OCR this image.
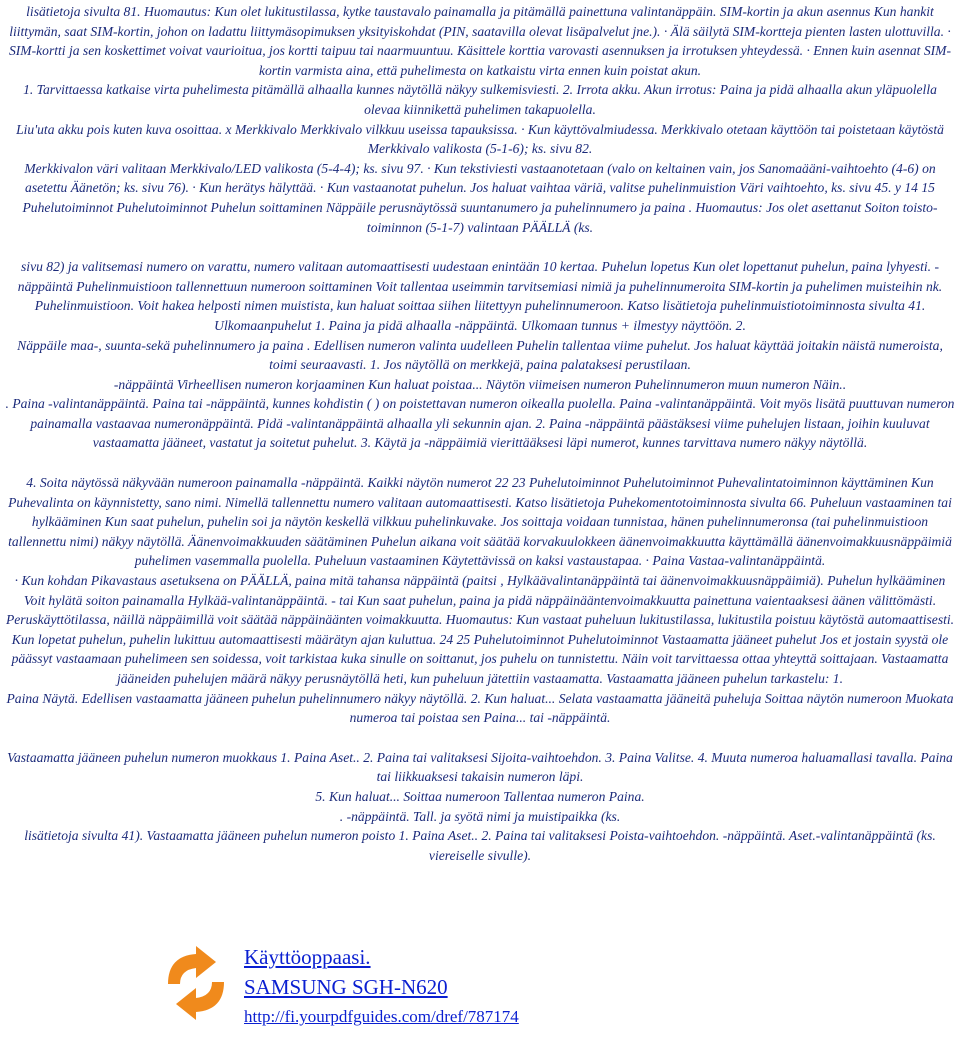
lisätietoja sivulta 81. Huomautus: Kun olet lukitustilassa, kytke taustavalo painamalla ja pitämällä painettuna valintanäppäin. SIM-kortin ja akun asennus Kun hankit liittymän, saat SIM-kortin, johon on ladattu liittymäsopimuksen yksityiskohdat (PIN, saatavilla olevat lisäpalvelut jne.). · Älä säilytä SIM-kortteja pienten lasten ulottuvilla. · SIM-kortti ja sen koskettimet voivat vaurioitua, jos kortti taipuu tai naarmuuntuu. Käsittele korttia varovasti asennuksen ja irrotuksen yhteydessä. · Ennen kuin asennat SIM-kortin varmista aina, että puhelimesta on katkaistu virta ennen kuin poistat akun.

1. Tarvittaessa katkaise virta puhelimesta pitämällä alhaalla kunnes näytöllä näkyy sulkemisviesti. 2. Irrota akku. Akun irrotus: Paina ja pidä alhaalla akun yläpuolella olevaa kiinnikettä puhelimen takapuolella.

Liu'uta akku pois kuten kuva osoittaa. x Merkkivalo Merkkivalo vilkkuu useissa tapauksissa. · Kun käyttövalmiudessa. Merkkivalo otetaan käyttöön tai poistetaan käytöstä Merkkivalo valikosta (5-1-6); ks. sivu 82.

Merkkivalon väri valitaan Merkkivalo/LED valikosta (5-4-4); ks. sivu 97. · Kun tekstiviesti vastaanotetaan (valo on keltainen vain, jos Sanomaääni-vaihtoehto (4-6) on asetettu Äänetön; ks. sivu 76). · Kun herätys hälyttää. · Kun vastaanotat puhelun. Jos haluat vaihtaa väriä, valitse puhelinmuistion Väri vaihtoehto, ks. sivu 45. y 14 15 Puhelutoiminnot Puhelutoiminnot Puhelun soittaminen Näppäile perusnäytössä suuntanumero ja puhelinnumero ja paina . Huomautus: Jos olet asettanut Soiton toisto-toiminnon (5-1-7) valintaan PÄÄLLÄ (ks.

sivu 82) ja valitsemasi numero on varattu, numero valitaan automaattisesti uudestaan enintään 10 kertaa. Puhelun lopetus Kun olet lopettanut puhelun, paina lyhyesti. -näppäintä Puhelinmuistioon tallennettuun numeroon soittaminen Voit tallentaa useimmin tarvitsemiasi nimiä ja puhelinnumeroita SIM-kortin ja puhelimen muisteihin nk. Puhelinmuistioon. Voit hakea helposti nimen muistista, kun haluat soittaa siihen liitettyyn puhelinnumeroon. Katso lisätietoja puhelinmuistiotoiminnosta sivulta 41. Ulkomaanpuhelut 1. Paina ja pidä alhaalla -näppäintä. Ulkomaan tunnus + ilmestyy näyttöön. 2.

Näppäile maa-, suunta-sekä puhelinnumero ja paina . Edellisen numeron valinta uudelleen Puhelin tallentaa viime puhelut. Jos haluat käyttää joitakin näistä numeroista, toimi seuraavasti. 1. Jos näytöllä on merkkejä, paina palataksesi perustilaan.

-näppäintä Virheellisen numeron korjaaminen Kun haluat poistaa... Näytön viimeisen numeron Puhelinnumeron muun numeron Näin..

. Paina -valintanäppäintä. Paina tai -näppäintä, kunnes kohdistin ( ) on poistettavan numeron oikealla puolella. Paina -valintanäppäintä. Voit myös lisätä puuttuvan numeron painamalla vastaavaa numeronäppäintä. Pidä -valintanäppäintä alhaalla yli sekunnin ajan. 2. Paina -näppäintä päästäksesi viime puhelujen listaan, joihin kuuluvat vastaamatta jääneet, vastatut ja soitetut puhelut. 3. Käytä ja -näppäimiä vierittääksesi läpi numerot, kunnes tarvittava numero näkyy näytöllä.

4. Soita näytössä näkyvään numeroon painamalla -näppäintä. Kaikki näytön numerot 22 23 Puhelutoiminnot Puhelutoiminnot Puhevalintatoiminnon käyttäminen Kun Puhevalinta on käynnistetty, sano nimi. Nimellä tallennettu numero valitaan automaattisesti. Katso lisätietoja Puhekomentotoiminnosta sivulta 66. Puheluun vastaaminen tai hylkääminen Kun saat puhelun, puhelin soi ja näytön keskellä vilkkuu puhelinkuvake. Jos soittaja voidaan tunnistaa, hänen puhelinnumeronsa (tai puhelinmuistioon tallennettu nimi) näkyy näytöllä. Äänenvoimakkuuden säätäminen Puhelun aikana voit säätää korvakuulokkeen äänenvoimakkuutta käyttämällä äänenvoimakkuusnäppäimiä puhelimen vasemmalla puolella. Puheluun vastaaminen Käytettävissä on kaksi vastaustapaa. · Paina Vastaa-valintanäppäintä.

· Kun kohdan Pikavastaus asetuksena on PÄÄLLÄ, paina mitä tahansa näppäintä (paitsi , Hylkäävalintanäppäintä tai äänenvoimakkuusnäppäimiä). Puhelun hylkääminen Voit hylätä soiton painamalla Hylkää-valintanäppäintä. - tai Kun saat puhelun, paina ja pidä näppäinääntenvoimakkuutta painettuna vaientaaksesi äänen välittömästi. Peruskäyttötilassa, näillä näppäimillä voit säätää näppäinäänten voimakkuutta. Huomautus: Kun vastaat puheluun lukitustilassa, lukitustila poistuu käytöstä automaattisesti.

Kun lopetat puhelun, puhelin lukittuu automaattisesti määrätyn ajan kuluttua. 24 25 Puhelutoiminnot Puhelutoiminnot Vastaamatta jääneet puhelut Jos et jostain syystä ole päässyt vastaamaan puhelimeen sen soidessa, voit tarkistaa kuka sinulle on soittanut, jos puhelu on tunnistettu. Näin voit tarvittaessa ottaa yhteyttä soittajaan. Vastaamatta jääneiden puhelujen määrä näkyy perusnäytöllä heti, kun puheluun jätettiin vastaamatta. Vastaamatta jääneen puhelun tarkastelu: 1.

Paina Näytä. Edellisen vastaamatta jääneen puhelun puhelinnumero näkyy näytöllä. 2. Kun haluat... Selata vastaamatta jääneitä puheluja Soittaa näytön numeroon Muokata numeroa tai poistaa sen Paina... tai -näppäintä.

Vastaamatta jääneen puhelun numeron muokkaus 1. Paina Aset.. 2. Paina tai valitaksesi Sijoita-vaihtoehdon. 3. Paina Valitse. 4. Muuta numeroa haluamallasi tavalla. Paina tai liikkuaksesi takaisin numeron läpi.

5. Kun haluat... Soittaa numeroon Tallentaa numeron Paina.

. -näppäintä. Tall. ja syötä nimi ja muistipaikka (ks.

lisätietoja sivulta 41). Vastaamatta jääneen puhelun numeron poisto 1. Paina Aset.. 2. Paina tai valitaksesi Poista-vaihtoehdon. -näppäintä. Aset.-valintanäppäintä (ks. viereiselle sivulle).

Käyttöoppaasi.
SAMSUNG SGH-N620
http://fi.yourpdfguides.com/dref/787174
